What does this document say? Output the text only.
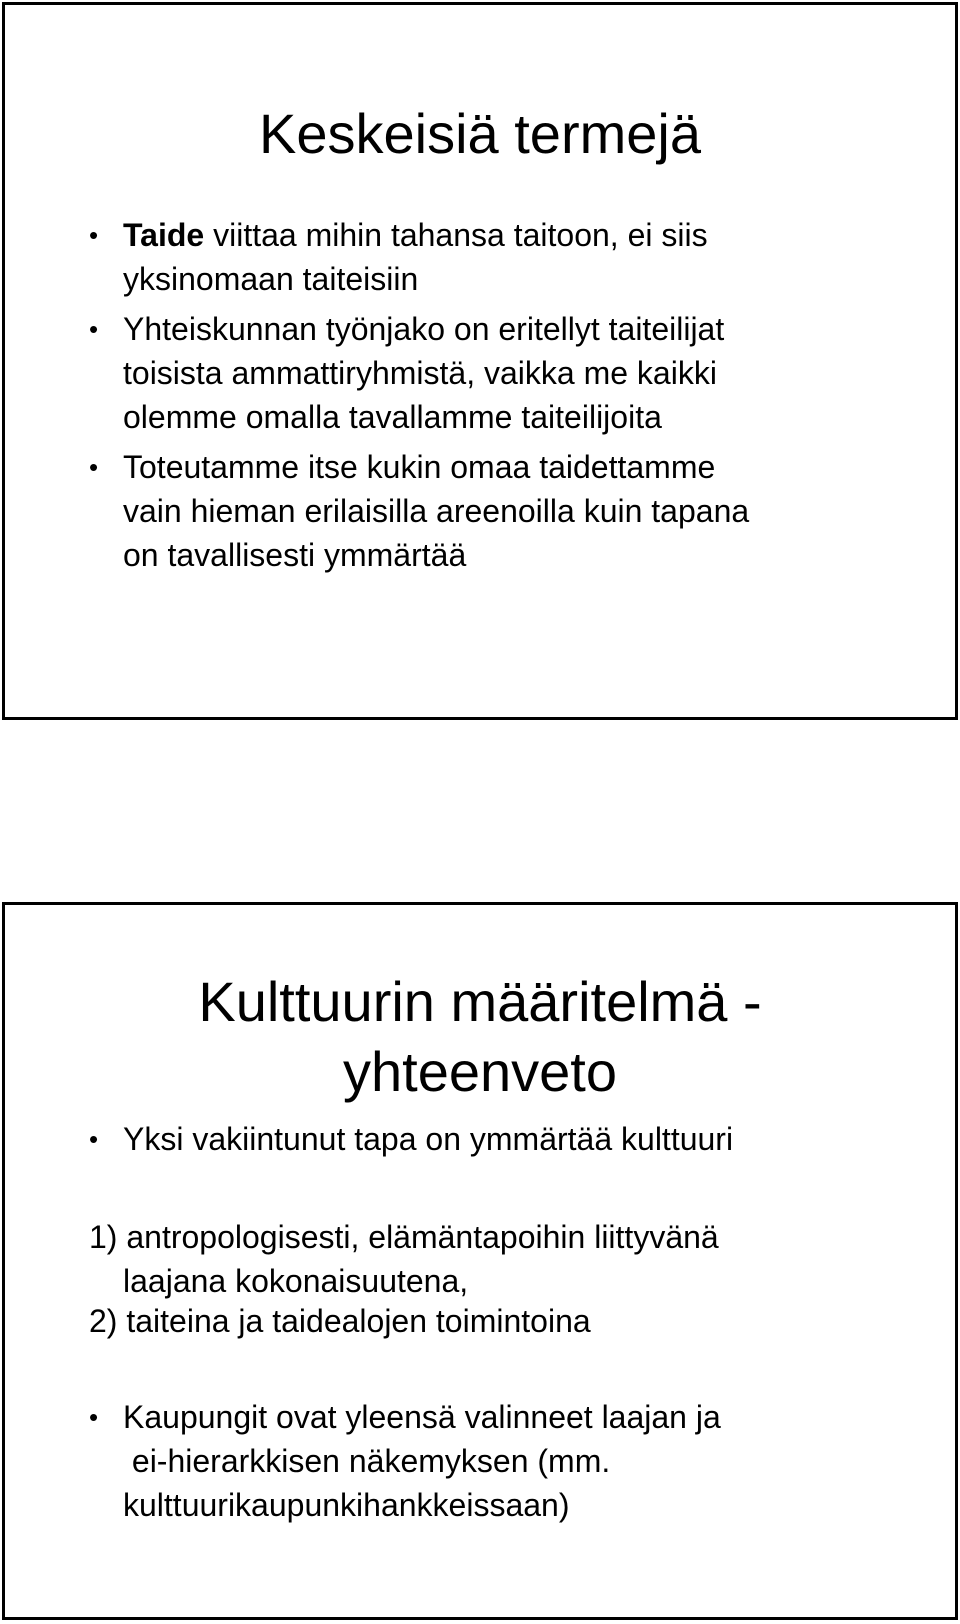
Keskeisiä termejä
• Taide viittaa mihin tahansa taitoon, ei siis
yksinomaan taiteisiin
• Yhteiskunnan työnjako on eritellyt taiteilijat
toisista ammattiryhmistä, vaikka me kaikki
olemme omalla tavallamme taiteilijoita
• Toteutamme itse kukin omaa taidettamme
vain hieman erilaisilla areenoilla kuin tapana
on tavallisesti ymmärtää
Kulttuurin määritelmä -
yhteenveto
• Yksi vakiintunut tapa on ymmärtää kulttuuri
1) antropologisesti, elämäntapoihin liittyvänä
laajana kokonaisuutena,
2) taiteina ja taidealojen toimintoina
• Kaupungit ovat yleensä valinneet laajan ja
ei-hierarkkisen näkemyksen (mm.
kulttuurikaupunkihankkeissaan)
